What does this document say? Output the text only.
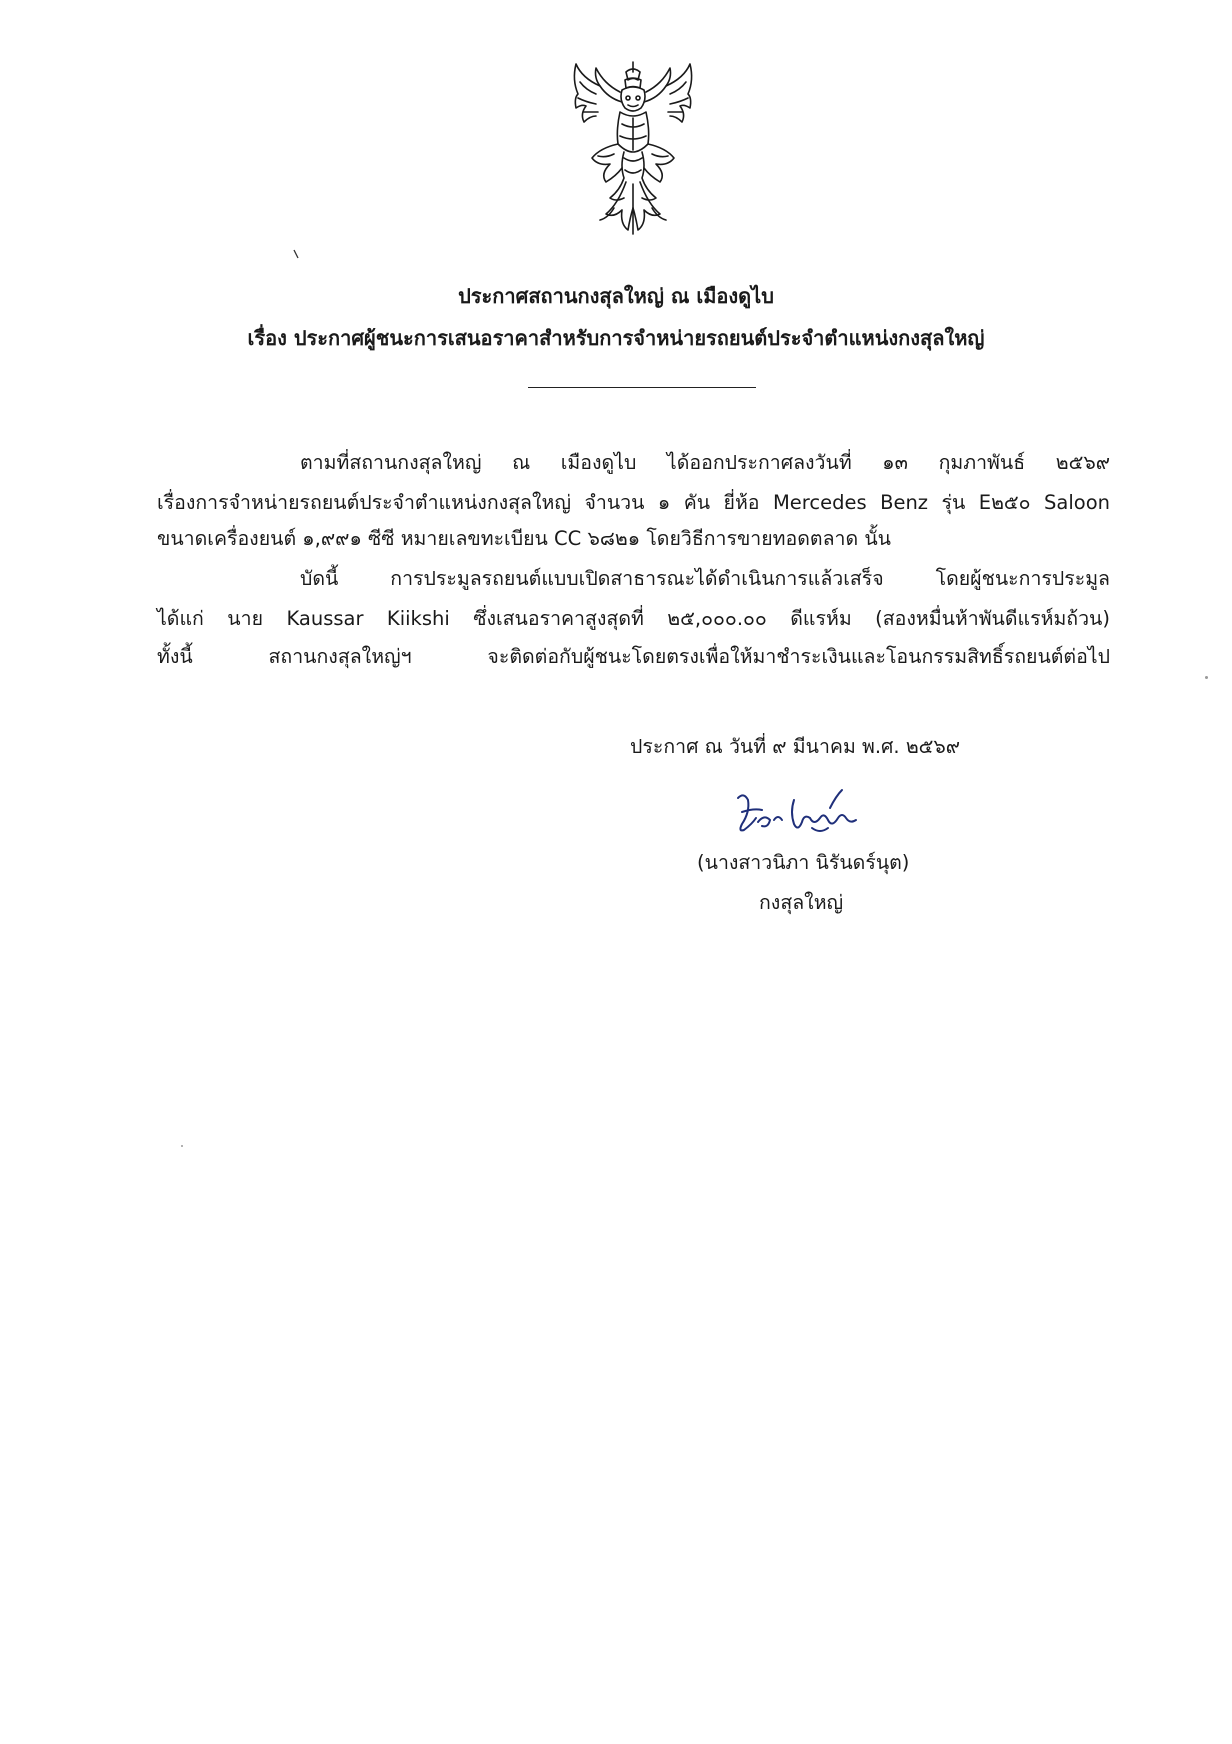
ประกาศสถานกงสุลใหญ่ ณ เมืองดูไบ
เรื่อง ประกาศผู้ชนะการเสนอราคาสำหรับการจำหน่ายรถยนต์ประจำตำแหน่งกงสุลใหญ่
ตามที่สถานกงสุลใหญ่ ณ เมืองดูไบ ได้ออกประกาศลงวันที่ ๑๓ กุมภาพันธ์ ๒๕๖๙
เรื่องการจำหน่ายรถยนต์ประจำตำแหน่งกงสุลใหญ่ จำนวน ๑ คัน ยี่ห้อ Mercedes Benz รุ่น E๒๕๐ Saloon
ขนาดเครื่องยนต์ ๑,๙๙๑ ซีซี หมายเลขทะเบียน CC ๖๘๒๑ โดยวิธีการขายทอดตลาด นั้น
บัดนี้ การประมูลรถยนต์แบบเปิดสาธารณะได้ดำเนินการแล้วเสร็จ โดยผู้ชนะการประมูล
ได้แก่ นาย Kaussar Kiikshi ซึ่งเสนอราคาสูงสุดที่ ๒๕,๐๐๐.๐๐ ดีแรห์ม (สองหมื่นห้าพันดีแรห์มถ้วน)
ทั้งนี้ สถานกงสุลใหญ่ฯ จะติดต่อกับผู้ชนะโดยตรงเพื่อให้มาชำระเงินและโอนกรรมสิทธิ์รถยนต์ต่อไป
ประกาศ ณ วันที่ ๙ มีนาคม พ.ศ. ๒๕๖๙
(นางสาวนิภา นิรันดร์นุต)
กงสุลใหญ่
